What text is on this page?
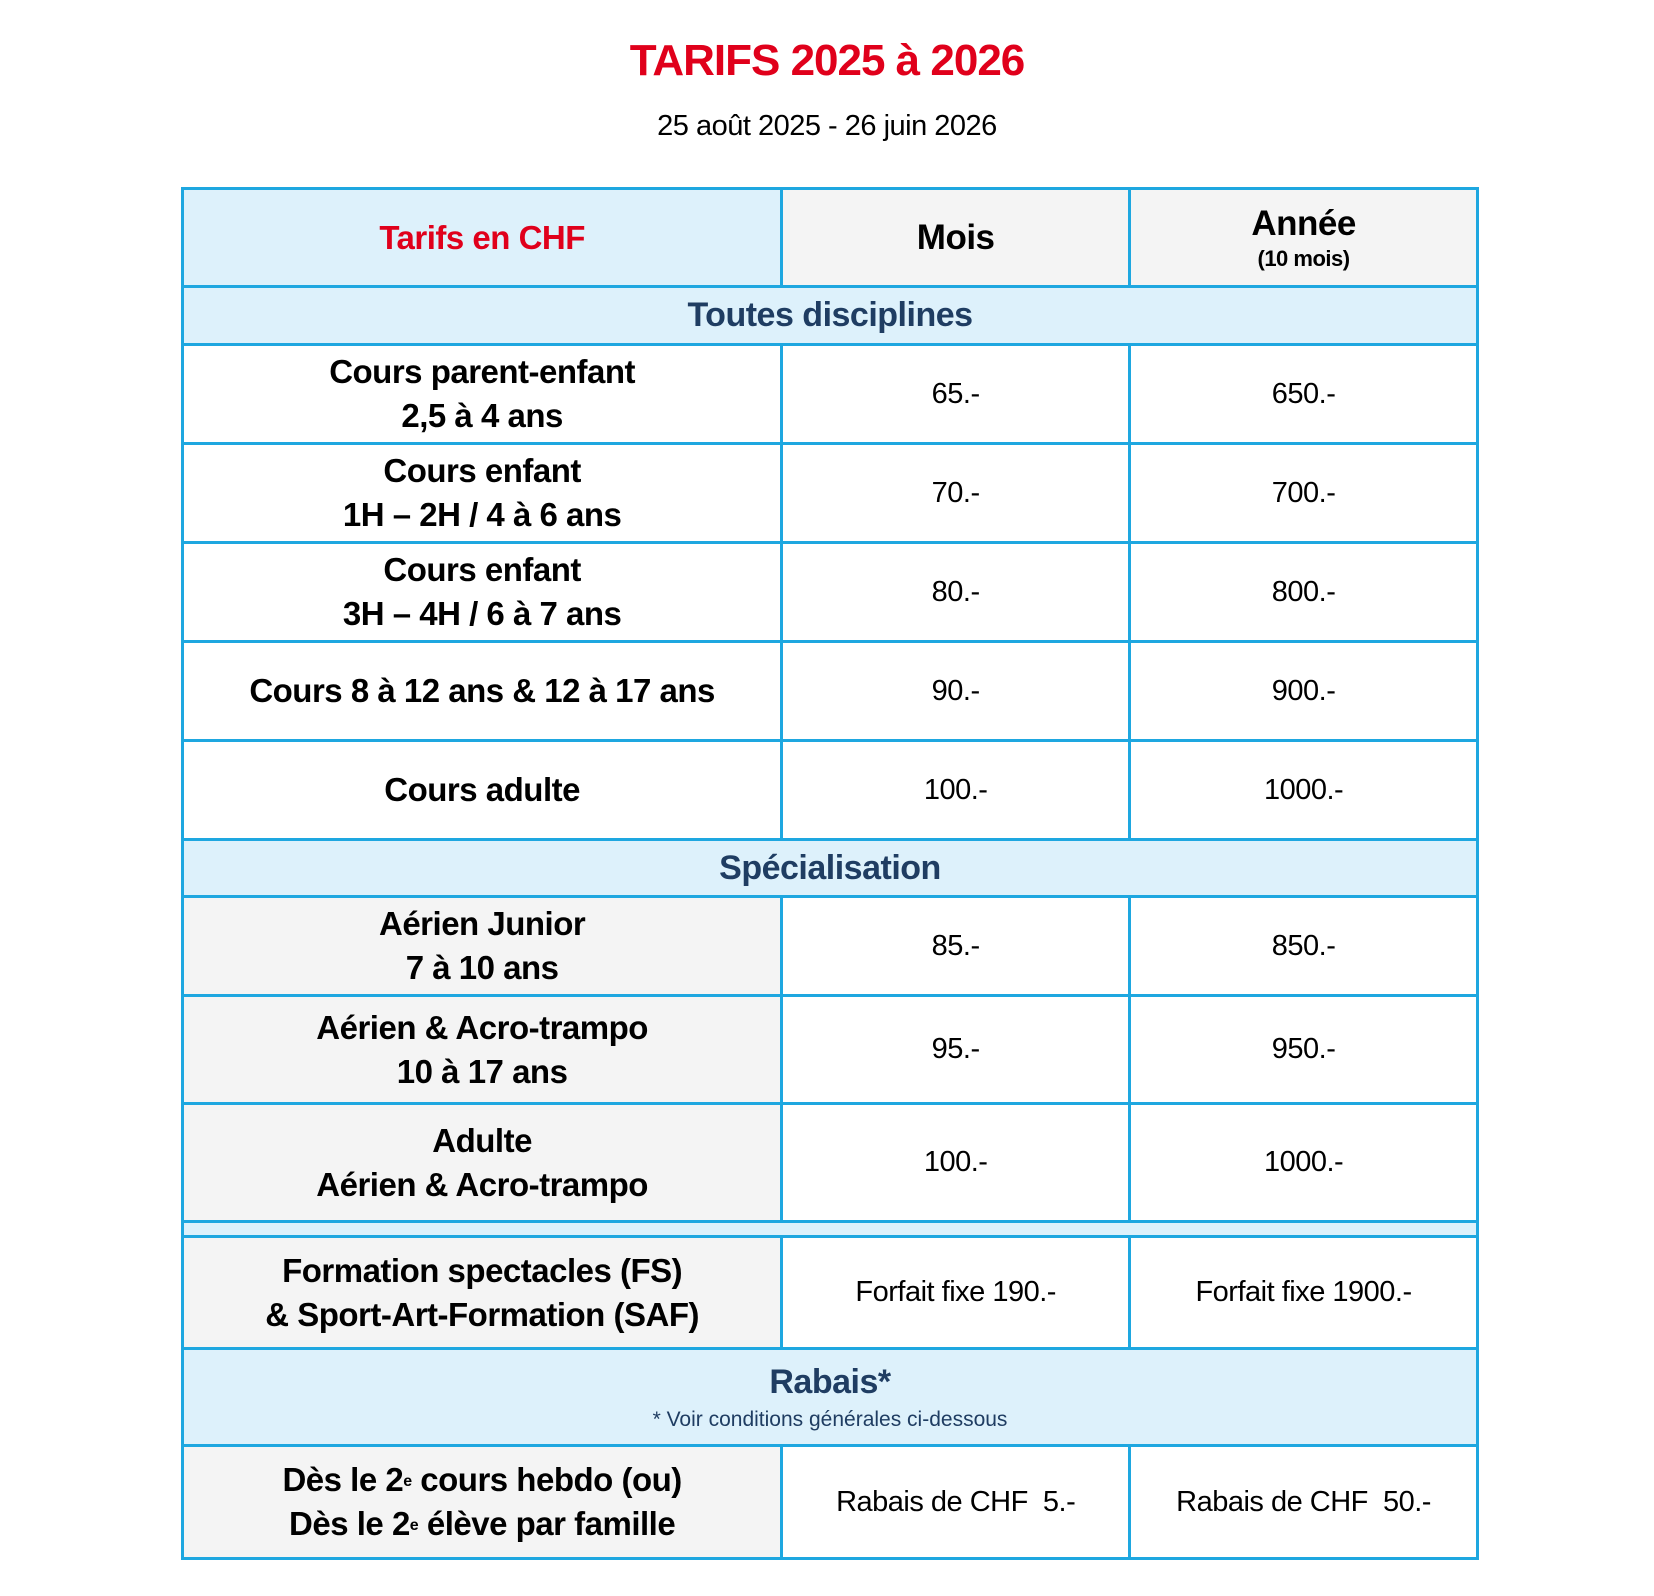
TARIFS 2025 à 2026
25 août 2025 - 26 juin 2026
Tarifs en CHF	Mois	Année
(10 mois)

Toutes disciplines		

Cours parent-enfant
2,5 à 4 ans	65.-	650.-

Cours enfant
1H – 2H / 4 à 6 ans	70.-	700.-

Cours enfant
3H – 4H / 6 à 7 ans	80.-	800.-

Cours 8 à 12 ans & 12 à 17 ans	90.-	900.-

Cours adulte	100.-	1000.-
Spécialisation		

Aérien Junior
7 à 10 ans	85.-	850.-

Aérien & Acro-trampo
10 à 17 ans	95.-	950.-

Adulte
Aérien & Acro-trampo	100.-	1000.-

Formation spectacles (FS)
& Sport-Art-Formation (SAF)	Forfait fixe 190.-	Forfait fixe 1900.-
Rabais*
* Voir conditions générales ci-dessous		

Dès le 2e cours hebdo (ou)
Dès le 2e élève par famille	Rabais de CHF  5.-	Rabais de CHF  50.-
